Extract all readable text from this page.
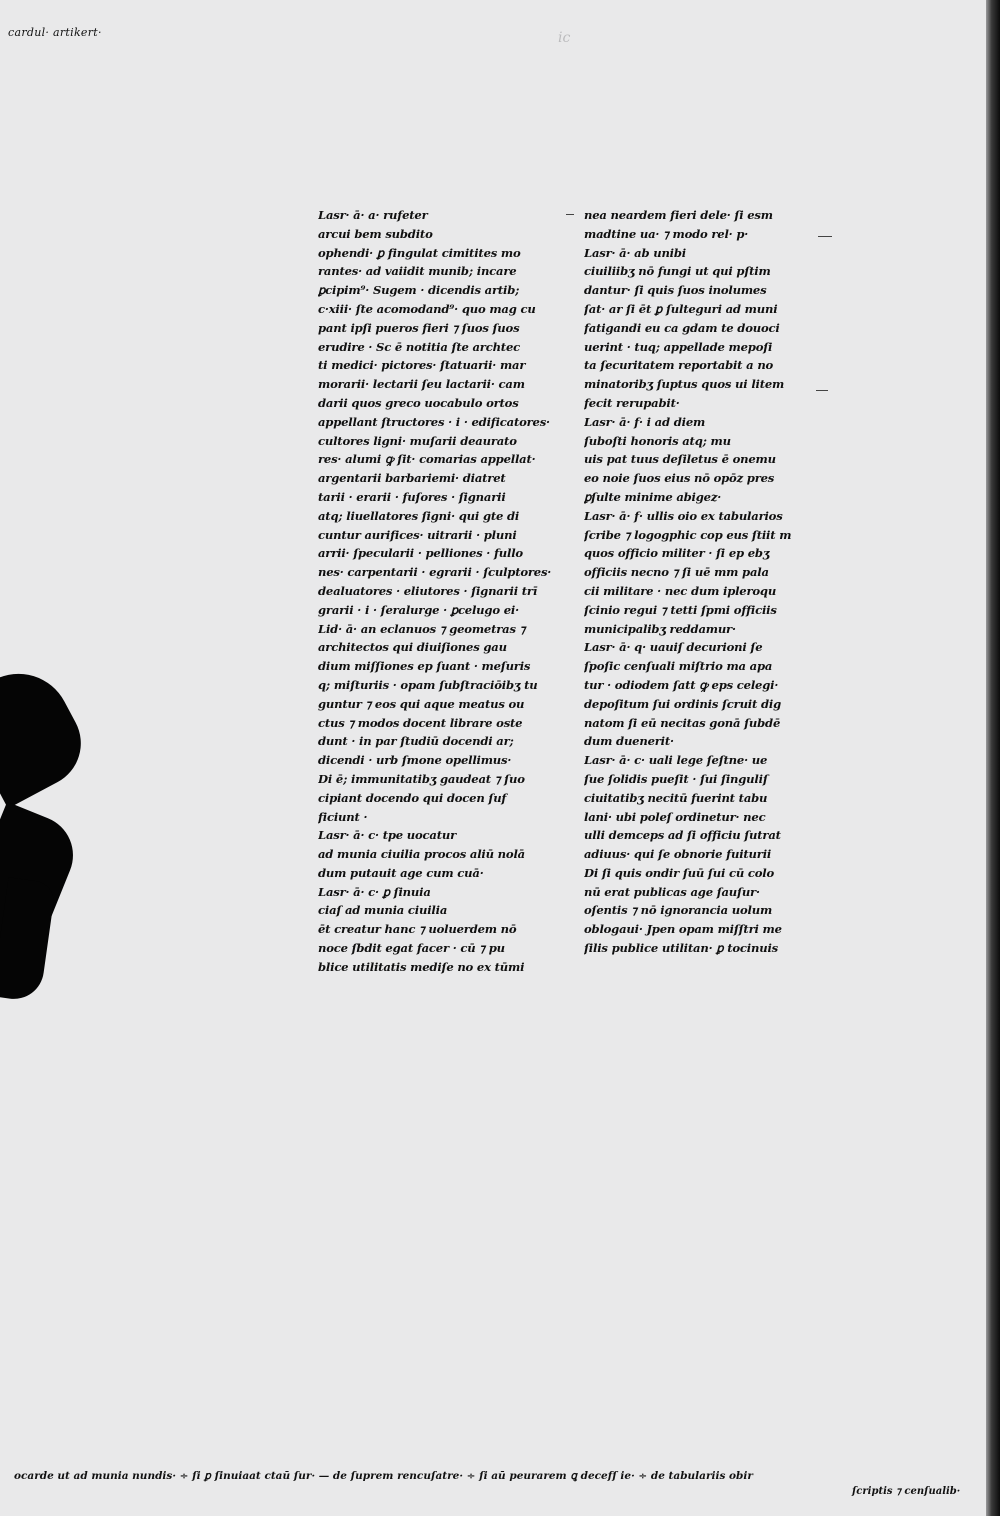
cardul· artikert·	ic
Lasr· ā· a· rufeter
arcui bem subdito
ophendi· ꝑ fingulat cimitites mo
rantes· ad vaiidit munib; incare
ꝑcipim⁹· Sugem · dicendis artib;
c·xiii· ſte acomodand⁹· quo mag cu
pant ipſi pueros fieri ⁊ ſuos ſuos
erudire · Sc ē notitia ſte archtec
ti medici· pictores· ſtatuarii· mar
morarii· lectarii ſeu lactarii· cam
darii quos greco uocabulo ortos
appellant ſtructores · i · edificatores·
cultores ligni· muſarii deaurato
res· alumi ꝙ ſit· comarias appellat·
argentarii barbariemi· diatret
tarii · erarii · fuſores · ſignarii
atq; liuellatores ſigni· qui gte di
cuntur aurifices· uitrarii · pluni
arrii· ſpecularii · pelliones · fullo
nes· carpentarii · egrarii · ſculptores·
dealuatores · eliutores · ſignarii trī
grarii · i · ſeralurge · ꝑcelugo ei·
Lid· ā· an eclanuos ⁊ geometras ⁊
architectos qui diuiſiones gau
dium miſſiones ep ſuant · meſuris
q; miſturiis · opam ſubſtraciōibʒ tu
guntur ⁊ eos qui aque meatus ou
ctus ⁊ modos docent librare oste
dunt · in par ſtudiū docendi ar;
dicendi · urb ſmone opellimus·
Di ē; immunitatibʒ gaudeat ⁊ ſuo
cipiant docendo qui docen ſuf
ficiunt ·
Lasr· ā· c· tpe uocatur
ad munia ciuilia procos aliū nolā
dum putauit age cum cuā·
Lasr· ā· c· ꝑ ſinuia
ciaſ ad munia ciuilia
ēt creatur hanc ⁊ uoluerdem nō
noce ſbdit egat facer · cū ⁊ pu
blice utilitatis mediſe no ex tūmi
nea neardem fieri dele· ſi esm
madtine ua· ⁊ modo rel· p·
Lasr· ā· ab unibi
ciuiliibʒ nō fungi ut qui pſtim
dantur· ſi quis ſuos inolumes
ſat· ar ſi ēt ꝑ ſulteguri ad muni
fatigandi eu ca gdam te douoci
uerint · tuq; appellade mepoſi
ta ſecuritatem reportabit a no
minatoribʒ ſuptus quos ui litem
fecit rerupabit·
Lasr· ā· f· i ad diem
ſuboſti honoris atq; mu
uis pat tuus deſiletus ē onemu
eo noie ſuos eius nō opōz pres
ꝑſulte minime abigez·
Lasr· ā· f· ullis oio ex tabularios
ſcribe ⁊ logogphic cop eus ſtiit m
quos officio militer · ſi ep ebʒ
officiis necno ⁊ ſi uē mm pala
cii militare · nec dum ipleroqu
ſcinio regui ⁊ tetti ſpmi officiis
municipalibʒ reddamur·
Lasr· ā· q· uauiſ decurioni ſe
ſpoſic cenſuali miſtrio ma apa
tur · odiodem ſatt ꝙ eps celegi·
depoſitum ſui ordinis ſcruit dig
natom ſi eū necitas gonā ſubdē
dum duenerit·
Lasr· ā· c· uali lege ſeſtne· ue
ſue ſolidis pueſit · ſui ſinguliſ
ciuitatibʒ necitū fuerint tabu
lani· ubi poleſ ordinetur· nec
ulli demceps ad ſi officiu ſutrat
adiuus· qui ſe obnorie fuiturii
Di ſi quis ondir ſuū ſui cū colo
nū erat publicas age ſauſur·
oſentis ⁊ nō ignorancia uolum
oblogaui· Jpen opam miſſtri me
ſilis publice utilitan· ꝑ tocinuis
ocarde ut ad munia nundis· ÷ ſi ꝑ ſinuiaat ctaū ſur· — de ſuprem rencuſatre· ÷ ſi aū peurarem ꝗ decefſ ie· ÷ de tabulariis obir
ſcriptis ⁊ cenſualib·
